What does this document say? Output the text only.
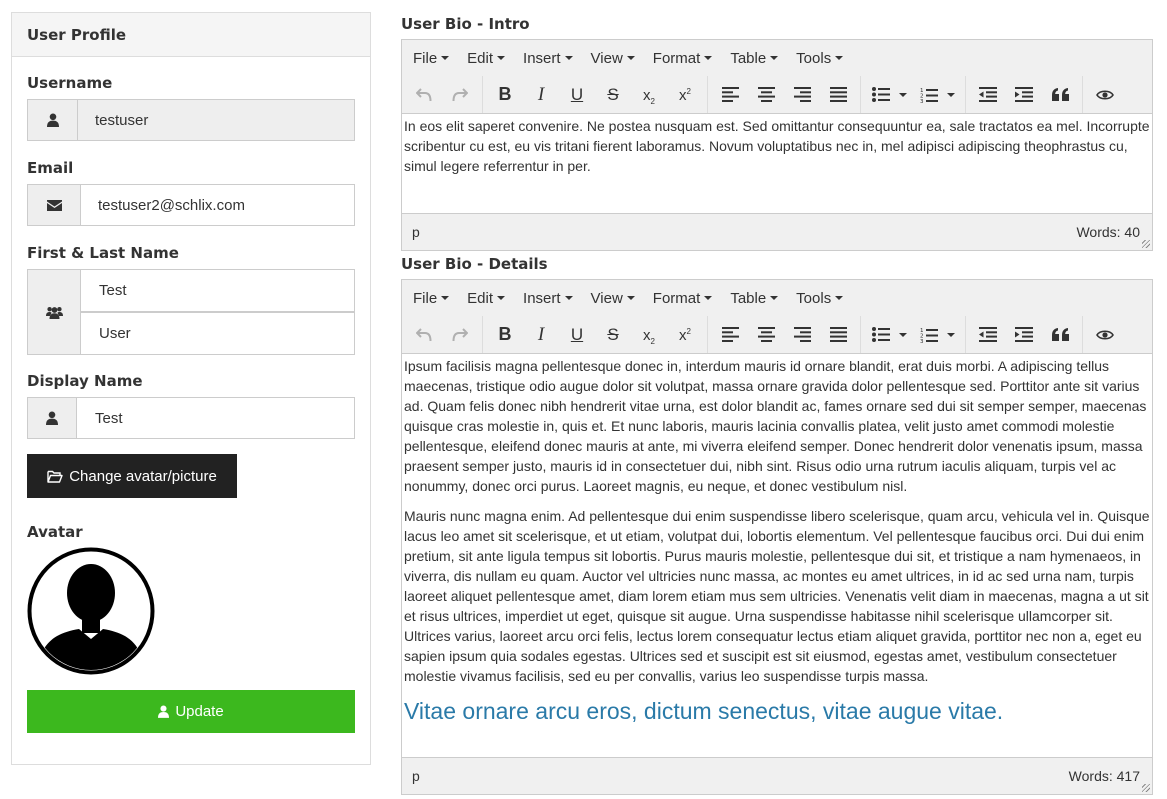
User Profile
Username
testuser
Email
testuser2@schlix.com
First & Last Name
Test
User
Display Name
Test
Change avatar/picture
Avatar
Update
User Bio - Intro
File Edit Insert View Format Table Tools
B I U S $x_2$ $x^2$	1
2
3

In eos elit saperet convenire. Ne postea nusquam est. Sed omittantur consequuntur ea, sale tractatos ea mel. Incorrupte scribentur cu est, eu vis tritani fierent laboramus. Novum voluptatibus nec in, mel adipisci adipiscing theophrastus cu, simul legere referrentur in per.

p	Words: 40
User Bio - Details
File Edit Insert View Format Table Tools
B I U S $x_2$ $x^2$	1
2
3

Ipsum facilisis magna pellentesque donec in, interdum mauris id ornare blandit, erat duis morbi. A adipiscing tellus maecenas, tristique odio augue dolor sit volutpat, massa ornare gravida dolor pellentesque sed. Porttitor ante sit varius ad. Quam felis donec nibh hendrerit vitae urna, est dolor blandit ac, fames ornare sed dui sit semper semper, maecenas quisque cras molestie in, quis et. Et nunc laboris, mauris lacinia convallis platea, velit justo amet commodi molestie pellentesque, eleifend donec mauris at ante, mi viverra eleifend semper. Donec hendrerit dolor venenatis ipsum, massa praesent semper justo, mauris id in consectetuer dui, nibh sint. Risus odio urna rutrum iaculis aliquam, turpis vel ac nonummy, donec orci purus. Laoreet magnis, eu neque, et donec vestibulum nisl.

Mauris nunc magna enim. Ad pellentesque dui enim suspendisse libero scelerisque, quam arcu, vehicula vel in. Quisque lacus leo amet sit scelerisque, et ut etiam, volutpat dui, lobortis elementum. Vel pellentesque faucibus orci. Dui dui enim pretium, sit ante ligula tempus sit lobortis. Purus mauris molestie, pellentesque dui sit, et tristique a nam hymenaeos, in viverra, dis nullam eu quam. Auctor vel ultricies nunc massa, ac montes eu amet ultrices, in id ac sed urna nam, turpis laoreet aliquet pellentesque amet, diam lorem etiam mus sem ultricies. Venenatis velit diam in maecenas, magna a ut sit et risus ultrices, imperdiet ut eget, quisque sit augue. Urna suspendisse habitasse nihil scelerisque ullamcorper sit. Ultrices varius, laoreet arcu orci felis, lectus lorem consequatur lectus etiam aliquet gravida, porttitor nec non a, eget eu sapien ipsum quia sodales egestas. Ultrices sed et suscipit est sit eiusmod, egestas amet, vestibulum consectetuer molestie vivamus facilisis, sed eu per convallis, varius leo suspendisse turpis massa.

Vitae ornare arcu eros, dictum senectus, vitae augue vitae.
p	Words: 417
